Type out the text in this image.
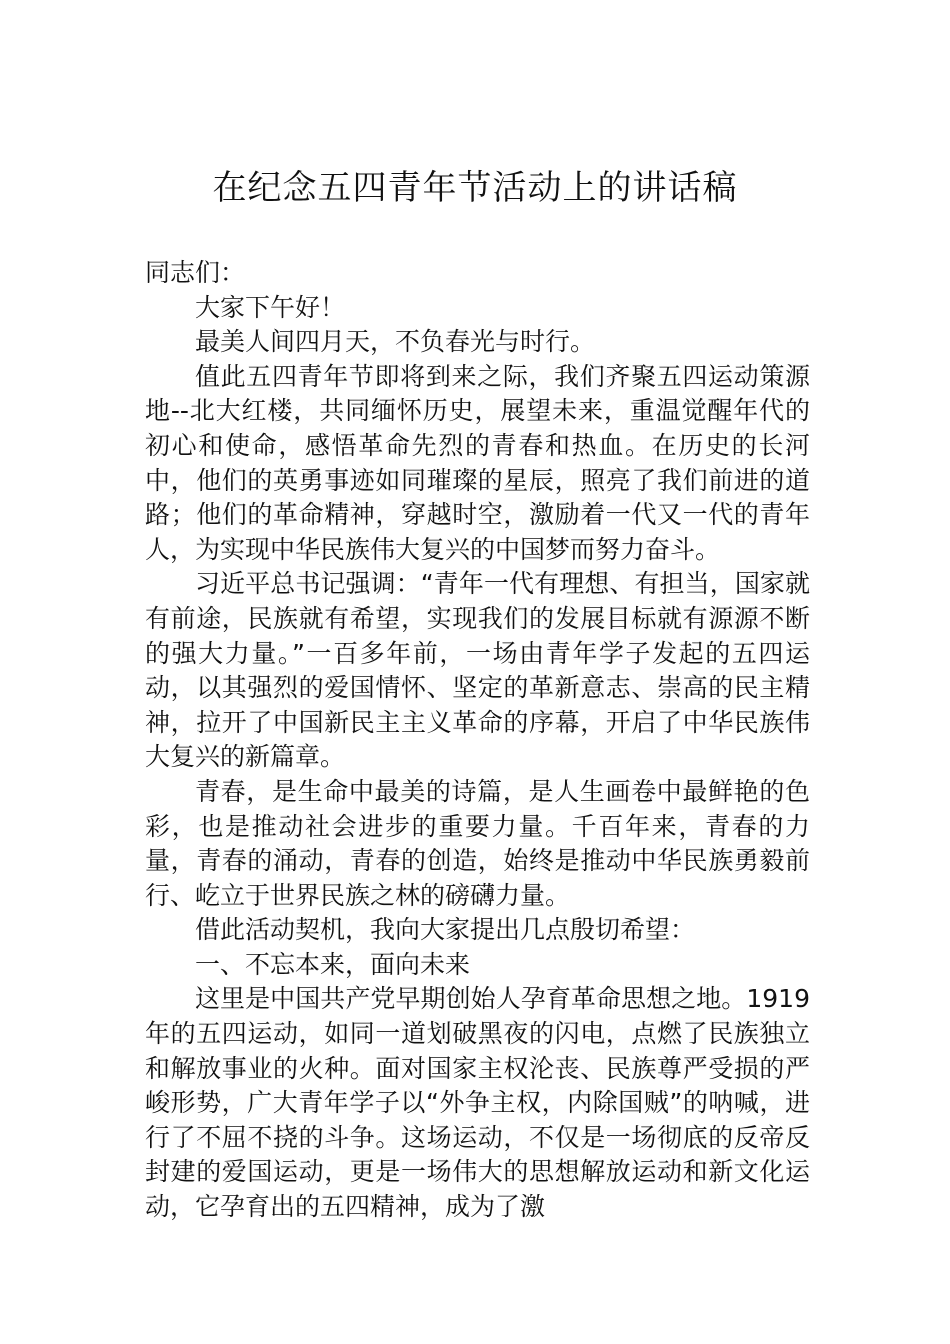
在纪念五四青年节活动上的讲话稿

同志们：

大家下午好！

最美人间四月天，不负春光与时行。

值此五四青年节即将到来之际，我们齐聚五四运动策源地--北大红楼，共同缅怀历史，展望未来，重温觉醒年代的初心和使命，感悟革命先烈的青春和热血。在历史的长河中，他们的英勇事迹如同璀璨的星辰，照亮了我们前进的道路；他们的革命精神，穿越时空，激励着一代又一代的青年人，为实现中华民族伟大复兴的中国梦而努力奋斗。

习近平总书记强调：“青年一代有理想、有担当，国家就有前途，民族就有希望，实现我们的发展目标就有源源不断的强大力量。”一百多年前，一场由青年学子发起的五四运动，以其强烈的爱国情怀、坚定的革新意志、崇高的民主精神，拉开了中国新民主主义革命的序幕，开启了中华民族伟大复兴的新篇章。

青春，是生命中最美的诗篇，是人生画卷中最鲜艳的色彩，也是推动社会进步的重要力量。千百年来，青春的力量，青春的涌动，青春的创造，始终是推动中华民族勇毅前行、屹立于世界民族之林的磅礴力量。

借此活动契机，我向大家提出几点殷切希望：

一、不忘本来，面向未来

这里是中国共产党早期创始人孕育革命思想之地。1919年的五四运动，如同一道划破黑夜的闪电，点燃了民族独立和解放事业的火种。面对国家主权沦丧、民族尊严受损的严峻形势，广大青年学子以“外争主权，内除国贼”的呐喊，进行了不屈不挠的斗争。这场运动，不仅是一场彻底的反帝反封建的爱国运动，更是一场伟大的思想解放运动和新文化运动，它孕育出的五四精神，成为了激
